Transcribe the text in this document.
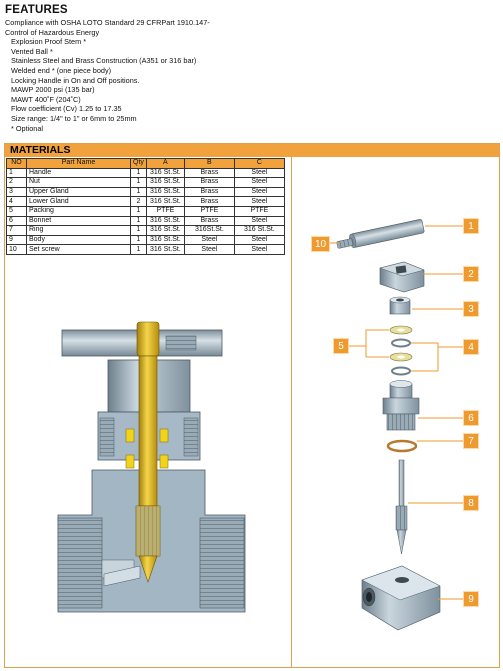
FEATURES
Compliance with OSHA LOTO Standard 29 CFRPart 1910.147-
Control of Hazardous Energy
Explosion Proof Stem *
Vented Ball *
Stainless Steel and Brass Construction (A351 or 316 bar)
Welded end * (one piece body)
Locking Handle in On and Off positions.
MAWP 2000 psi (135 bar)
MAWT 400˚F (204˚C)
Flow coefficient (Cv) 1.25 to 17.35
Size range: 1/4" to 1" or 6mm to 25mm
* Optional
MATERIALS
NO	Part Name	Qty	A	B	C
1	Handle	1	316 St.St.	Brass	Steel
2	Nut	1	316 St.St.	Brass	Steel
3	Upper Gland	1	316 St.St.	Brass	Steel
4	Lower Gland	2	316 St.St.	Brass	Steel
5	Packing	1	PTFE	PTFE	PTFE
6	Bonnet	1	316 St.St.	Brass	Steel
7	Ring	1	316 St.St.	316St.St.	316 St.St.
9	Body	1	316 St.St.	Steel	Steel
10	Set screw	1	316 St.St.	Steel	Steel
1
2
3
4
5
6
7
8
9
10
